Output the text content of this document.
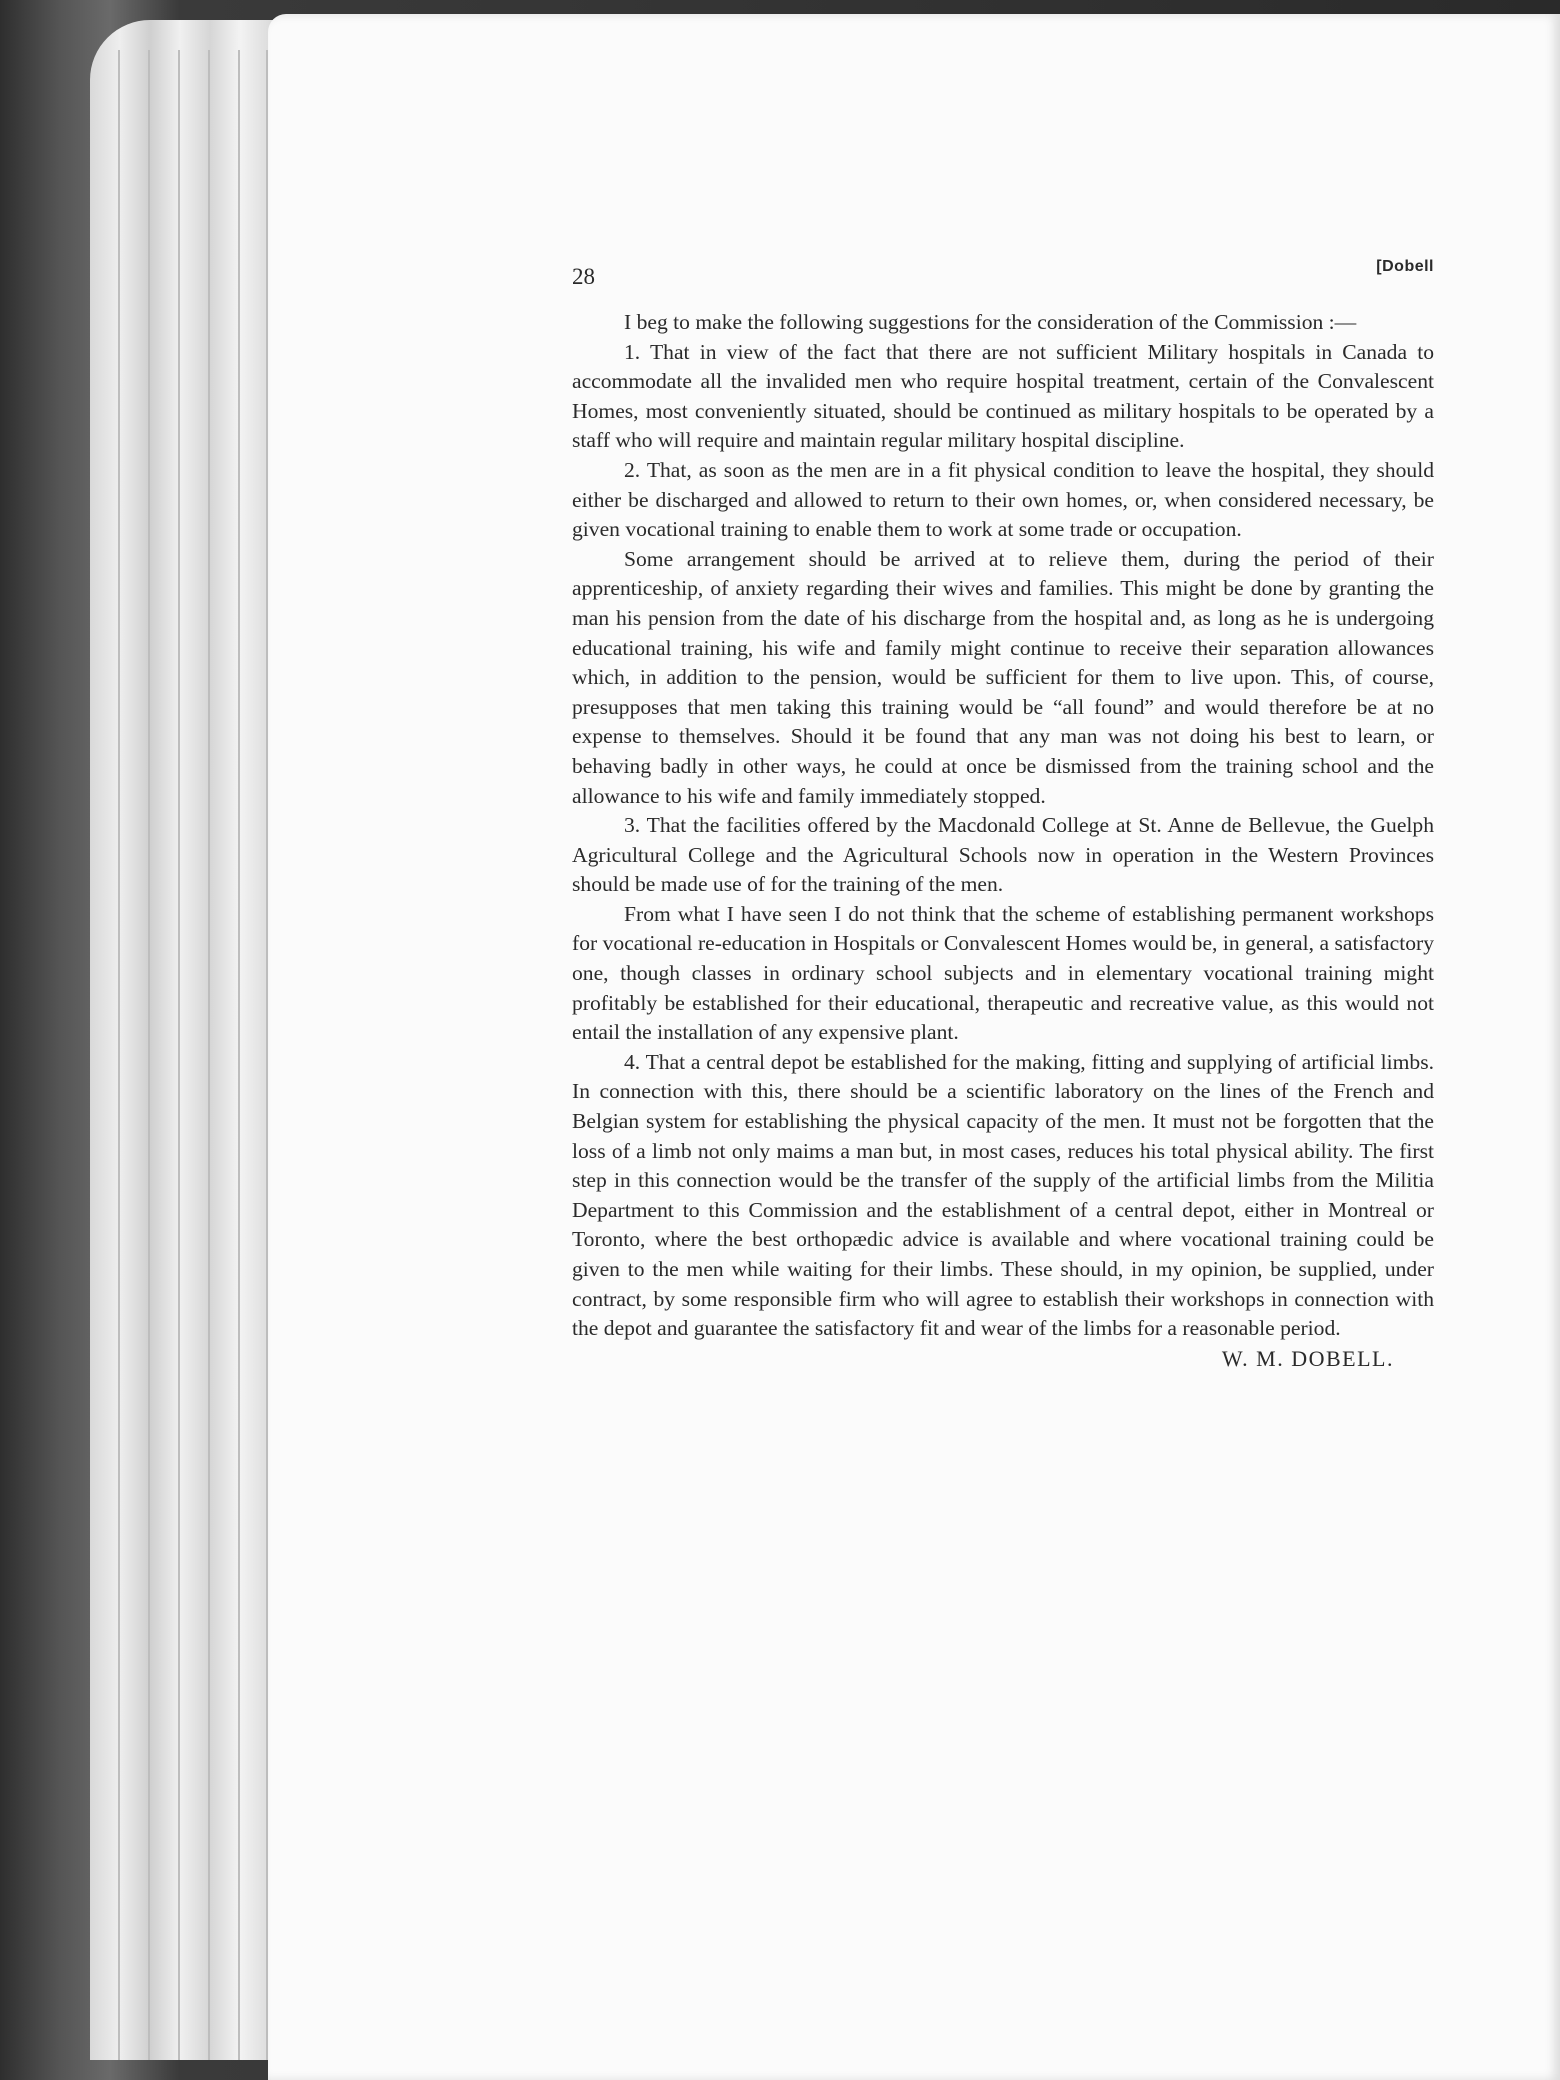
28	[Dobell

I beg to make the following suggestions for the consideration of the Commission :—

1. That in view of the fact that there are not sufficient Military hospitals in Canada to accommodate all the invalided men who require hospital treatment, certain of the Convalescent Homes, most conveniently situated, should be continued as military hospitals to be operated by a staff who will require and maintain regular military hospital discipline.

2. That, as soon as the men are in a fit physical condition to leave the hospital, they should either be discharged and allowed to return to their own homes, or, when considered necessary, be given vocational training to enable them to work at some trade or occupation.

Some arrangement should be arrived at to relieve them, during the period of their apprenticeship, of anxiety regarding their wives and families. This might be done by granting the man his pension from the date of his discharge from the hospital and, as long as he is undergoing educational training, his wife and family might continue to receive their separation allowances which, in addition to the pension, would be sufficient for them to live upon. This, of course, presupposes that men taking this training would be “all found” and would therefore be at no expense to themselves. Should it be found that any man was not doing his best to learn, or behaving badly in other ways, he could at once be dismissed from the training school and the allowance to his wife and family immediately stopped.

3. That the facilities offered by the Macdonald College at St. Anne de Bellevue, the Guelph Agricultural College and the Agricultural Schools now in operation in the Western Provinces should be made use of for the training of the men.

From what I have seen I do not think that the scheme of establishing permanent workshops for vocational re-education in Hospitals or Convalescent Homes would be, in general, a satisfactory one, though classes in ordinary school subjects and in elementary vocational training might profitably be established for their educational, therapeutic and recreative value, as this would not entail the installation of any expensive plant.

4. That a central depot be established for the making, fitting and supplying of artificial limbs. In connection with this, there should be a scientific laboratory on the lines of the French and Belgian system for establishing the physical capacity of the men. It must not be forgotten that the loss of a limb not only maims a man but, in most cases, reduces his total physical ability. The first step in this connection would be the transfer of the supply of the artificial limbs from the Militia Department to this Commission and the establishment of a central depot, either in Montreal or Toronto, where the best orthopædic advice is available and where vocational training could be given to the men while waiting for their limbs. These should, in my opinion, be supplied, under contract, by some responsible firm who will agree to establish their workshops in connection with the depot and guarantee the satisfactory fit and wear of the limbs for a reasonable period.

W. M. DOBELL.
